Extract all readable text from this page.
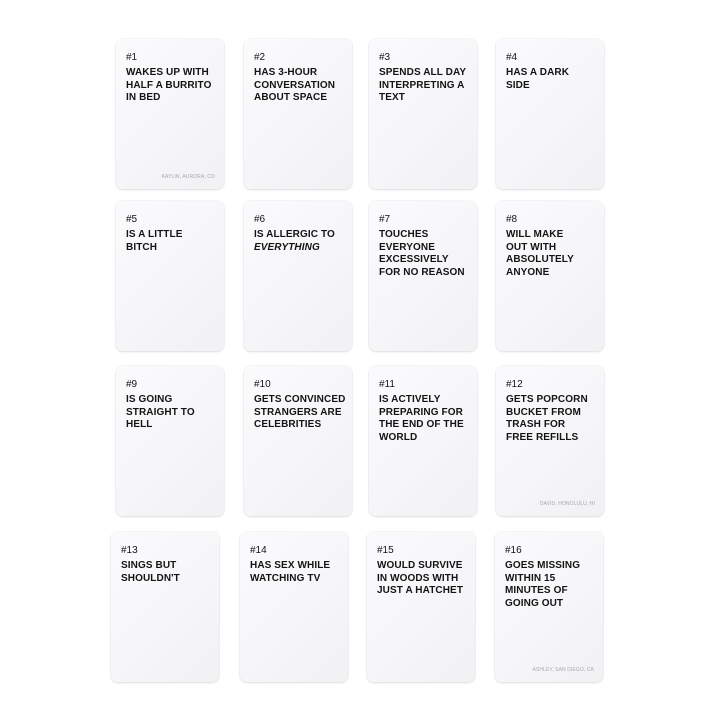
#1
WAKES UP WITH HALF A BURRITO IN BED
KAYLIN, AURORA, CO
#2
HAS 3-HOUR CONVERSATION ABOUT SPACE
#3
SPENDS ALL DAY INTERPRETING A TEXT
#4
HAS A DARK SIDE
#5
IS A LITTLE BITCH
#6
IS ALLERGIC TO
EVERYTHING
#7
TOUCHES EVERYONE EXCESSIVELY FOR NO REASON
#8
WILL MAKE OUT WITH ABSOLUTELY ANYONE
#9
IS GOING STRAIGHT TO HELL
#10
GETS CONVINCED STRANGERS ARE CELEBRITIES
#11
IS ACTIVELY PREPARING FOR THE END OF THE WORLD
#12
GETS POPCORN BUCKET FROM TRASH FOR FREE REFILLS
DAVID, HONOLULU, HI
#13
SINGS BUT SHOULDN'T
#14
HAS SEX WHILE WATCHING TV
#15
WOULD SURVIVE IN WOODS WITH JUST A HATCHET
#16
GOES MISSING WITHIN 15 MINUTES OF GOING OUT
ASHLEY, SAN DIEGO, CA
